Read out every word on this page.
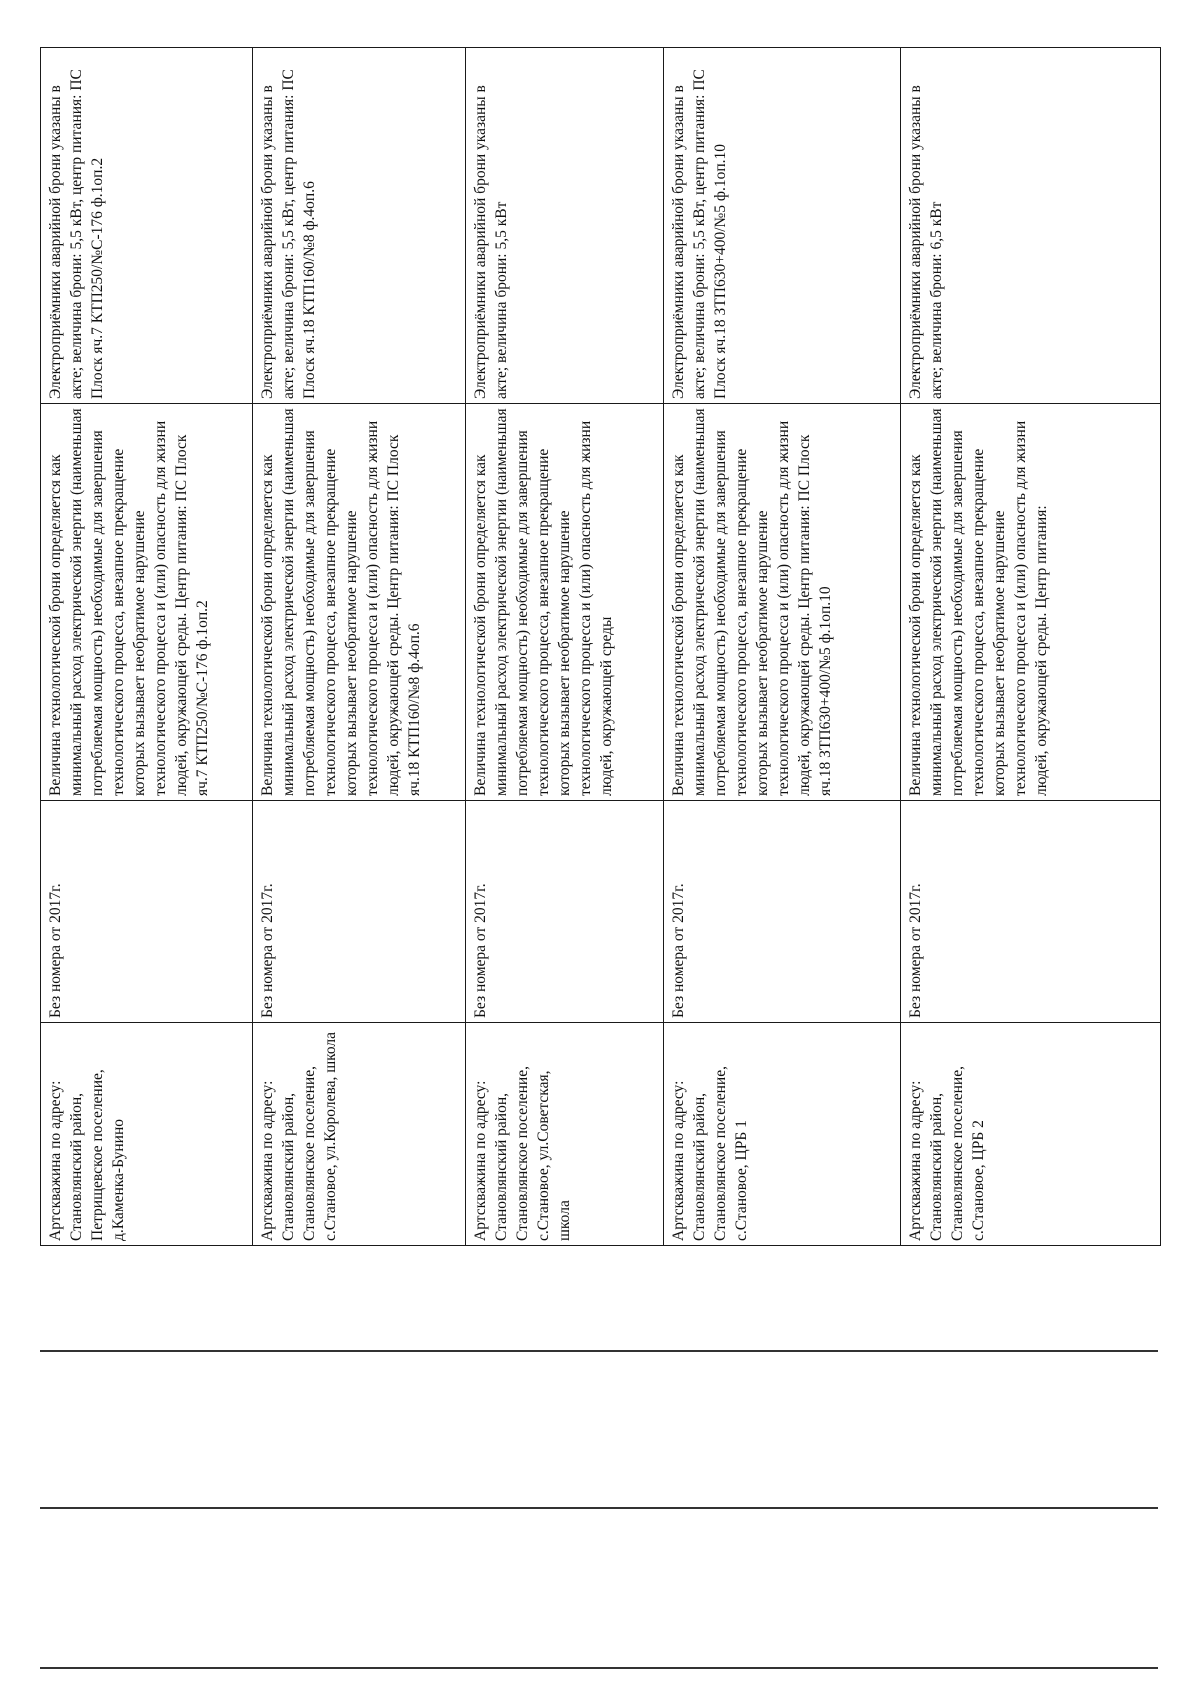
Артскважина по адресу: Становлянский район, Петрищевское поселение, д.Каменка-Бунино	Без номера от 2017г.	Величина технологической брони определяется как минимальный расход электрической энергии (наименьшая потребляемая мощность) необходимые для завершения технологического процесса, внезапное прекращение которых вызывает необратимое нарушение технологического процесса и (или) опасность для жизни людей, окружающей среды. Центр питания: ПС Плоск яч.7 КТП250/№С-176 ф.1оп.2	Электроприёмники аварийной брони указаны в акте; величина брони: 5,5 кВт, центр питания: ПС Плоск яч.7 КТП250/№С-176 ф.1оп.2
Артскважина по адресу: Становлянский район, Становлянское поселение, с.Становое, ул.Королева, школа	Без номера от 2017г.	Величина технологической брони определяется как минимальный расход электрической энергии (наименьшая потребляемая мощность) необходимые для завершения технологического процесса, внезапное прекращение которых вызывает необратимое нарушение технологического процесса и (или) опасность для жизни людей, окружающей среды. Центр питания: ПС Плоск яч.18 КТП160/№8 ф.4оп.6	Электроприёмники аварийной брони указаны в акте; величина брони: 5,5 кВт, центр питания: ПС Плоск яч.18 КТП160/№8 ф.4оп.6
Артскважина по адресу: Становлянский район, Становлянское поселение, с.Становое, ул.Советская, школа	Без номера от 2017г.	Величина технологической брони определяется как минимальный расход электрической энергии (наименьшая потребляемая мощность) необходимые для завершения технологического процесса, внезапное прекращение которых вызывает необратимое нарушение технологического процесса и (или) опасность для жизни людей, окружающей среды	Электроприёмники аварийной брони указаны в акте; величина брони: 5,5 кВт
Артскважина по адресу: Становлянский район, Становлянское поселение, с.Становое, ЦРБ 1	Без номера от 2017г.	Величина технологической брони определяется как минимальный расход электрической энергии (наименьшая потребляемая мощность) необходимые для завершения технологического процесса, внезапное прекращение которых вызывает необратимое нарушение технологического процесса и (или) опасность для жизни людей, окружающей среды. Центр питания: ПС Плоск яч.18 ЗТП630+400/№5 ф.1оп.10	Электроприёмники аварийной брони указаны в акте; величина брони: 5,5 кВт, центр питания: ПС Плоск яч.18 ЗТП630+400/№5 ф.1оп.10
Артскважина по адресу: Становлянский район, Становлянское поселение, с.Становое, ЦРБ 2	Без номера от 2017г.	Величина технологической брони определяется как минимальный расход электрической энергии (наименьшая потребляемая мощность) необходимые для завершения технологического процесса, внезапное прекращение которых вызывает необратимое нарушение технологического процесса и (или) опасность для жизни людей, окружающей среды. Центр питания:	Электроприёмники аварийной брони указаны в акте; величина брони: 6,5 кВт
